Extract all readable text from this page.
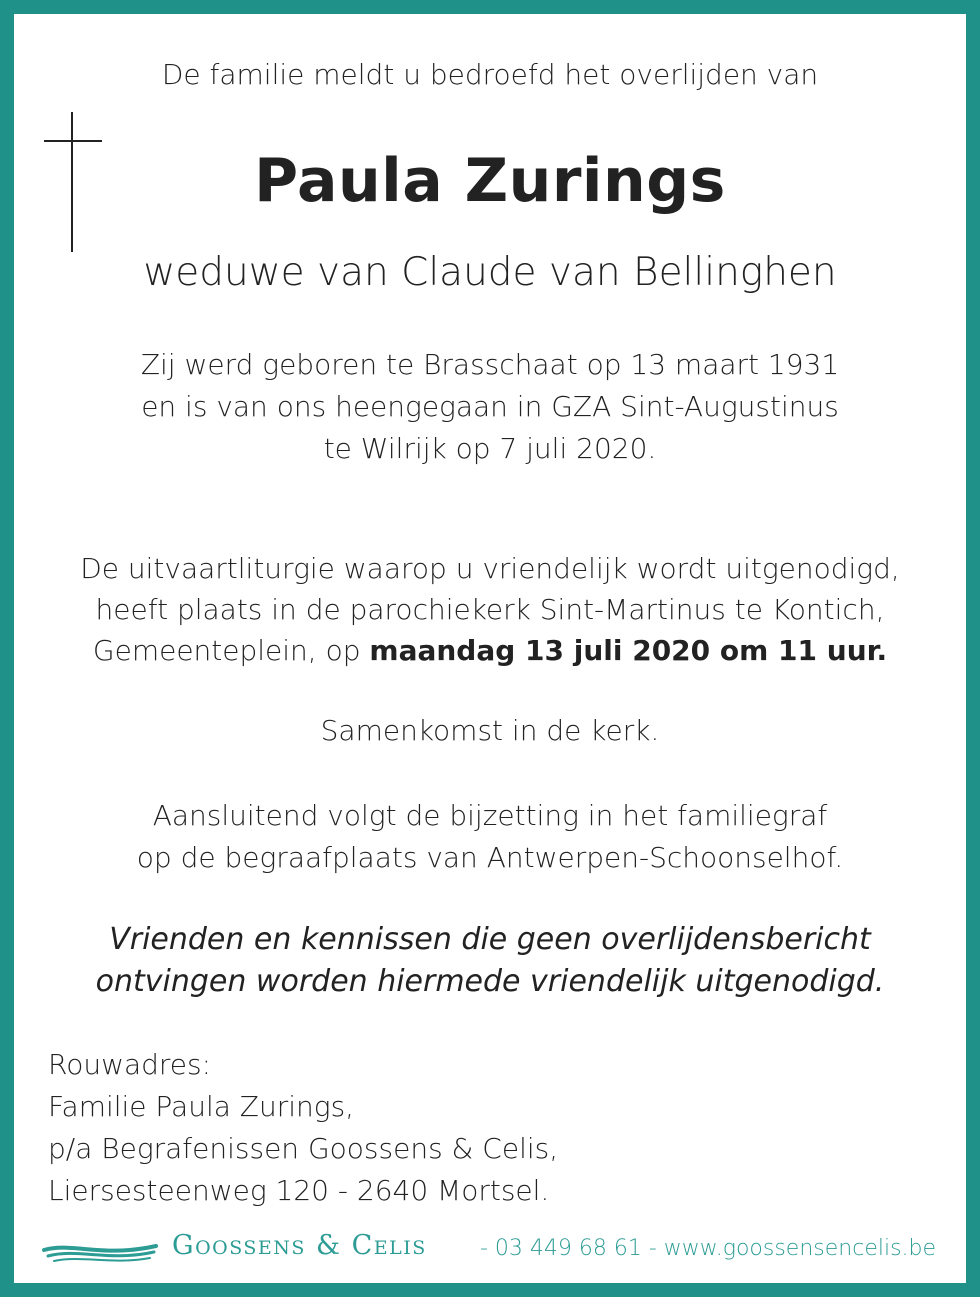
De familie meldt u bedroefd het overlijden van
Paula Zurings
weduwe van Claude van Bellinghen
Zij werd geboren te Brasschaat op 13 maart 1931
en is van ons heengegaan in GZA Sint-Augustinus
te Wilrijk op 7 juli 2020.
De uitvaartliturgie waarop u vriendelijk wordt uitgenodigd,
heeft plaats in de parochiekerk Sint-Martinus te Kontich,
Gemeenteplein, op maandag 13 juli 2020 om 11 uur.
Samenkomst in de kerk.
Aansluitend volgt de bijzetting in het familiegraf
op de begraafplaats van Antwerpen-Schoonselhof.
Vrienden en kennissen die geen overlijdensbericht
ontvingen worden hiermede vriendelijk uitgenodigd.
Rouwadres:
Familie Paula Zurings,
p/a Begrafenissen Goossens & Celis,
Liersesteenweg 120 - 2640 Mortsel.
Goossens & Celis - 03 449 68 61 - www.goossensencelis.be
